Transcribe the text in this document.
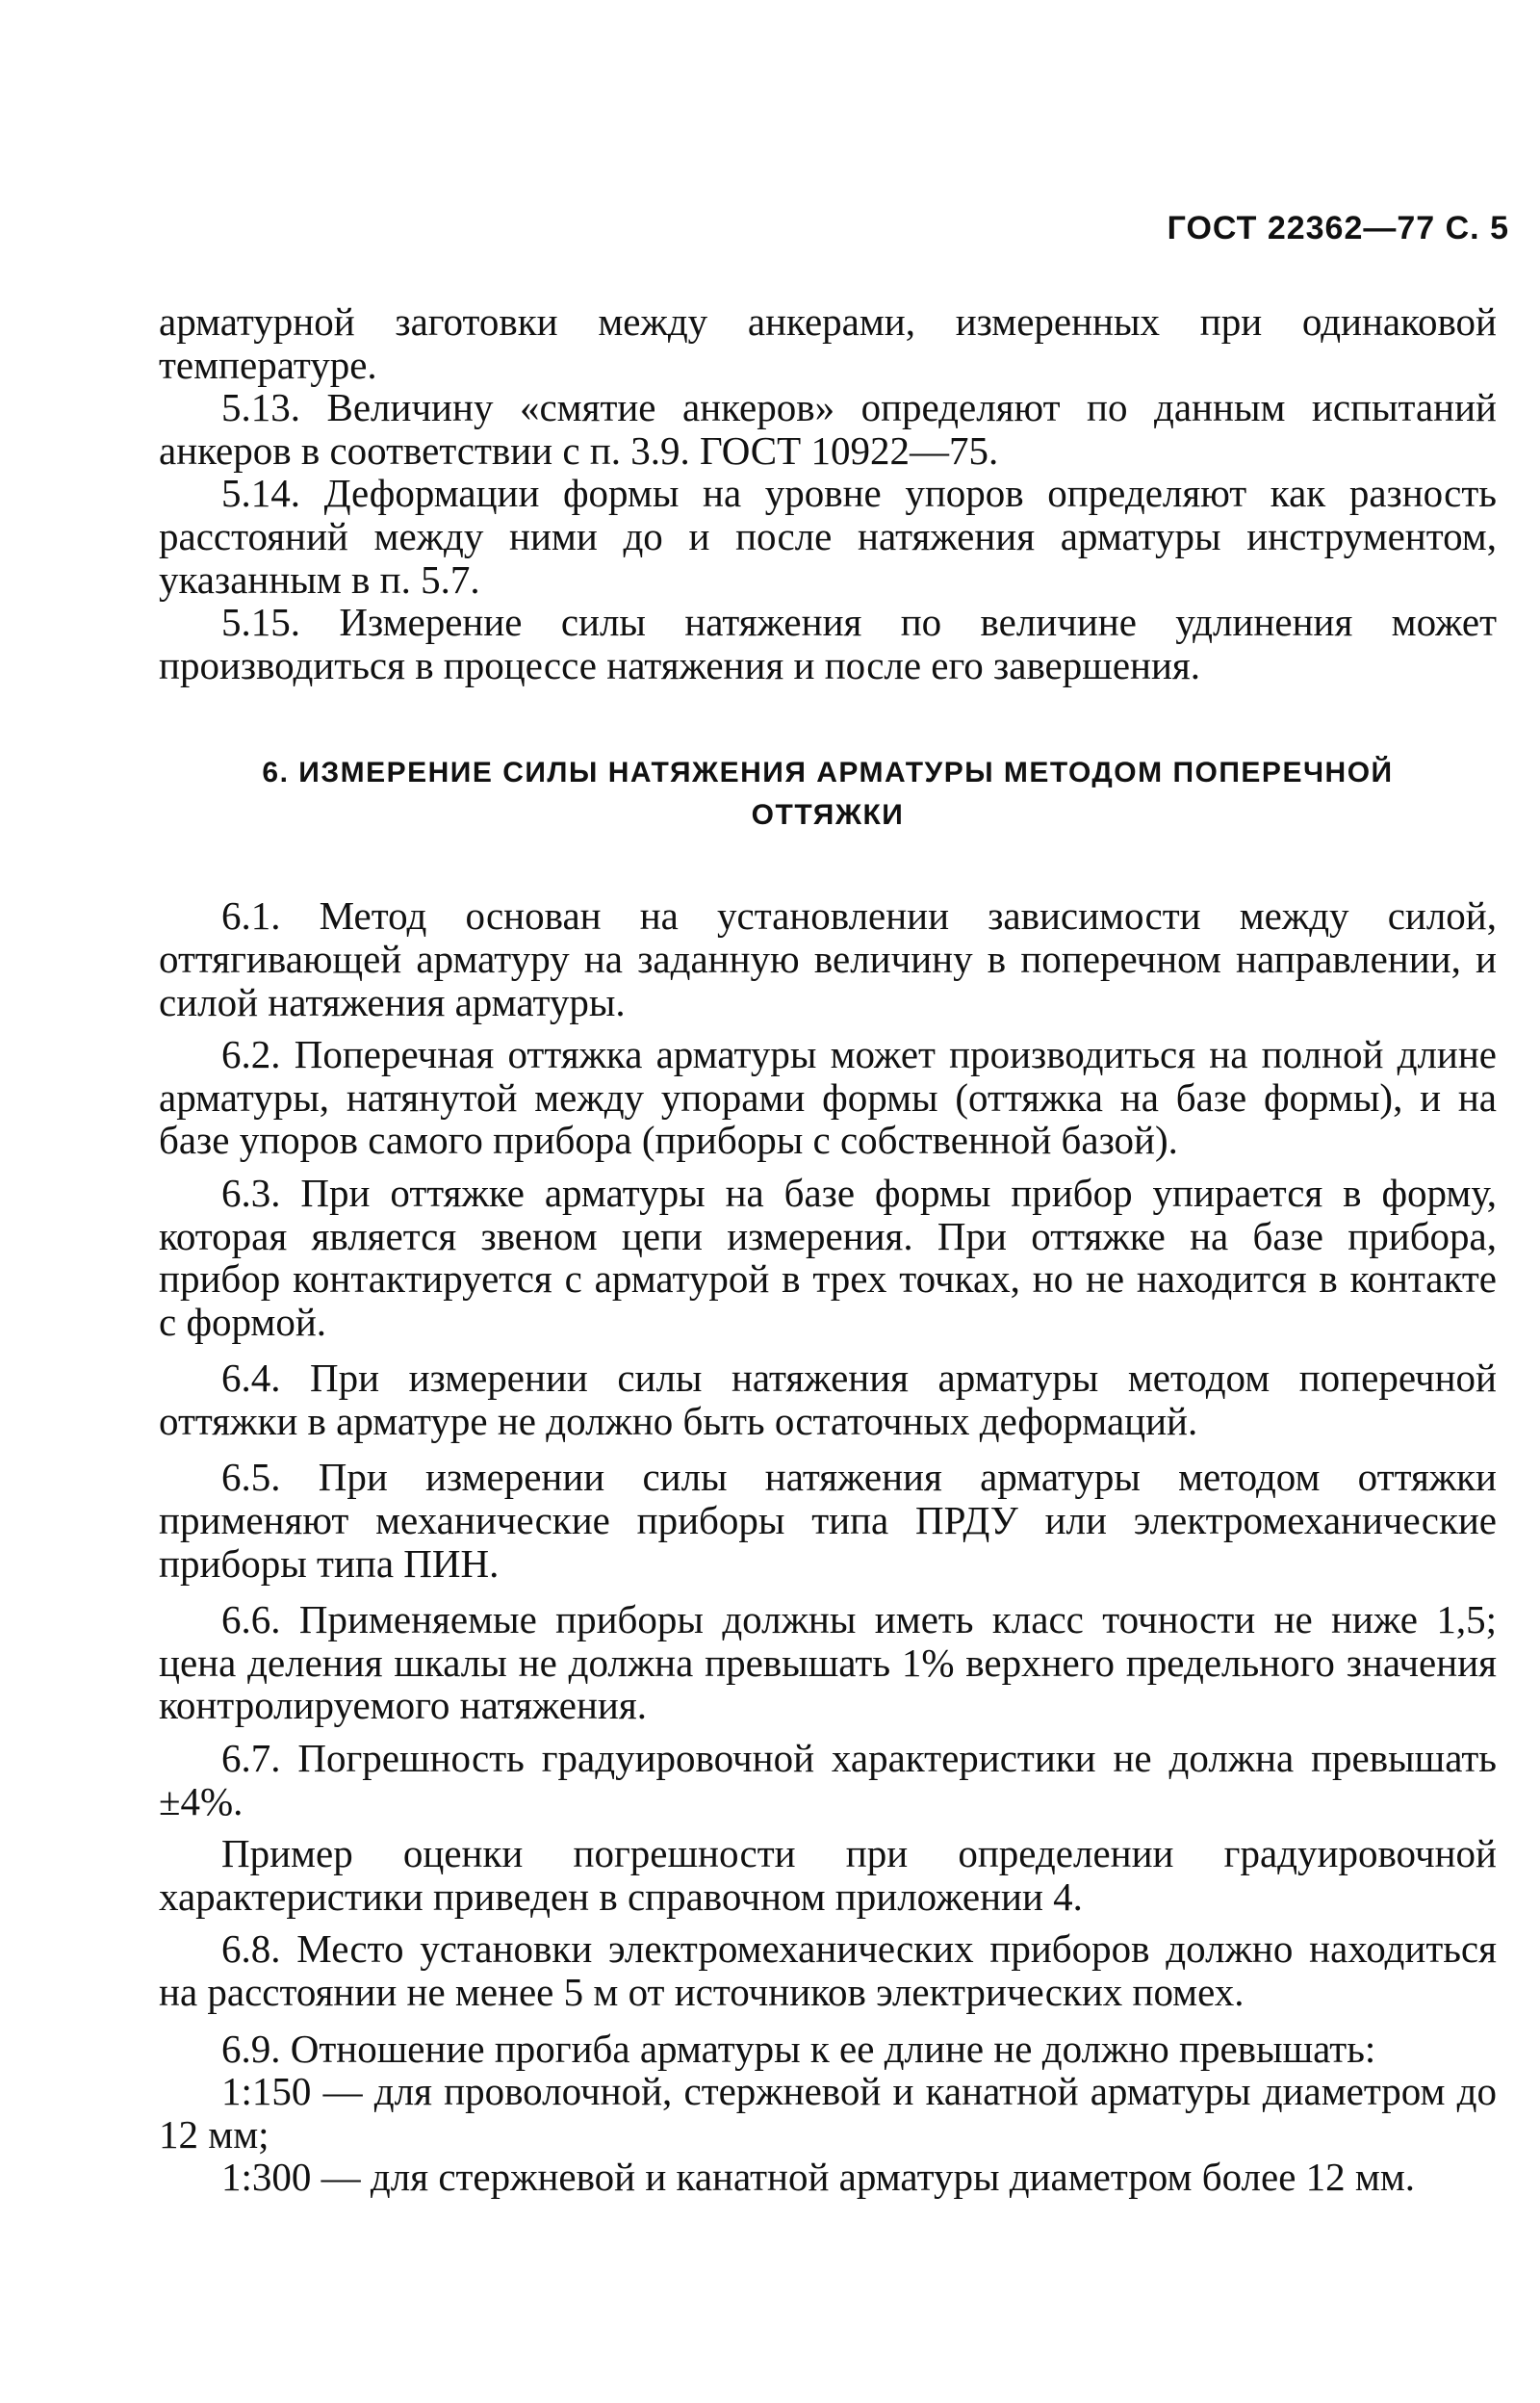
ГОСТ 22362—77 С. 5

арматурной заготовки между анкерами, измеренных при одинаковой температуре.

5.13. Величину «смятие анкеров» определяют по данным испытаний анкеров в соответствии с п. 3.9. ГОСТ 10922—75.

5.14. Деформации формы на уровне упоров определяют как разность расстояний между ними до и после натяжения арматуры инструментом, указанным в п. 5.7.

5.15. Измерение силы натяжения по величине удлинения может производиться в процессе натяжения и после его завершения.

6. ИЗМЕРЕНИЕ СИЛЫ НАТЯЖЕНИЯ АРМАТУРЫ МЕТОДОМ ПОПЕРЕЧНОЙ ОТТЯЖКИ

6.1. Метод основан на установлении зависимости между силой, оттягивающей арматуру на заданную величину в поперечном направлении, и силой натяжения арматуры.

6.2. Поперечная оттяжка арматуры может производиться на полной длине арматуры, натянутой между упорами формы (оттяжка на базе формы), и на базе упоров самого прибора (приборы с собственной базой).

6.3. При оттяжке арматуры на базе формы прибор упирается в форму, которая является звеном цепи измерения. При оттяжке на базе прибора, прибор контактируется с арматурой в трех точках, но не находится в контакте с формой.

6.4. При измерении силы натяжения арматуры методом поперечной оттяжки в арматуре не должно быть остаточных деформаций.

6.5. При измерении силы натяжения арматуры методом оттяжки применяют механические приборы типа ПРДУ или электромеханические приборы типа ПИН.

6.6. Применяемые приборы должны иметь класс точности не ниже 1,5; цена деления шкалы не должна превышать 1% верхнего предельного значения контролируемого натяжения.

6.7. Погрешность градуировочной характеристики не должна превышать ±4%.

Пример оценки погрешности при определении градуировочной характеристики приведен в справочном приложении 4.

6.8. Место установки электромеханических приборов должно находиться на расстоянии не менее 5 м от источников электрических помех.

6.9. Отношение прогиба арматуры к ее длине не должно превышать:

1:150 — для проволочной, стержневой и канатной арматуры диаметром до 12 мм;

1:300 — для стержневой и канатной арматуры диаметром более 12 мм.
